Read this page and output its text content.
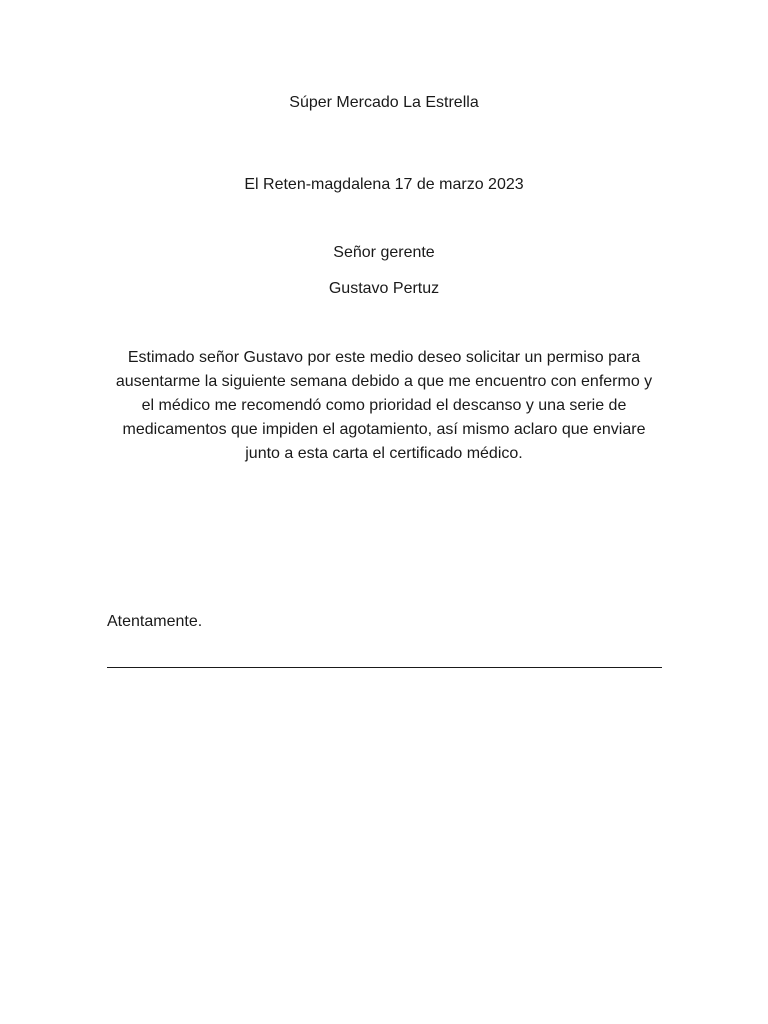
Súper Mercado La Estrella
El Reten-magdalena 17 de marzo 2023
Señor gerente
Gustavo Pertuz
Estimado señor Gustavo por este medio deseo solicitar un permiso para
ausentarme la siguiente semana debido a que me encuentro con enfermo y
el médico me recomendó como prioridad el descanso y una serie de
medicamentos que impiden el agotamiento, así mismo aclaro que enviare
junto a esta carta el certificado médico.
Atentamente.
